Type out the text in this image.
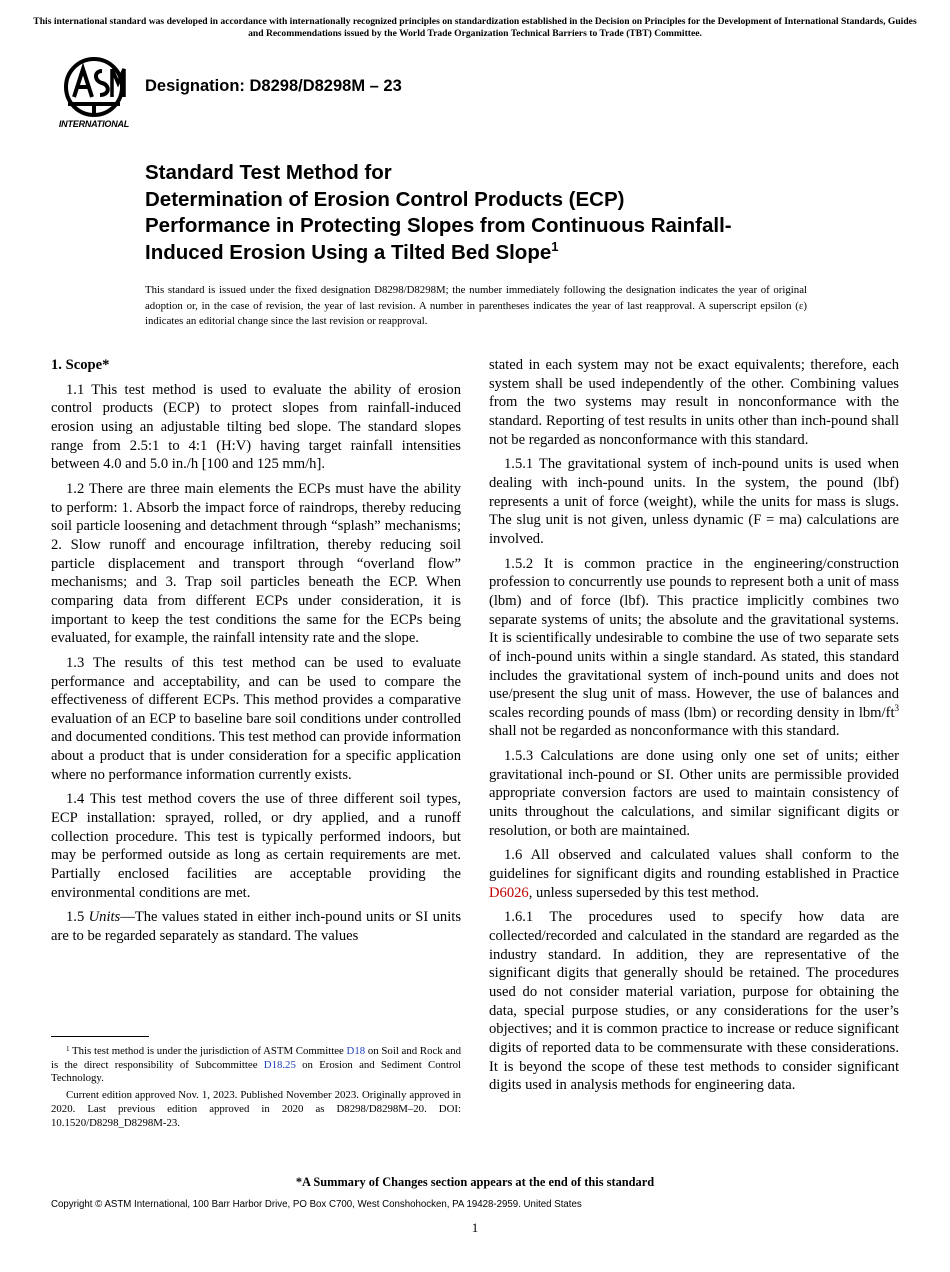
This international standard was developed in accordance with internationally recognized principles on standardization established in the Decision on Principles for the Development of International Standards, Guides and Recommendations issued by the World Trade Organization Technical Barriers to Trade (TBT) Committee.
INTERNATIONAL
Designation: D8298/D8298M – 23
Standard Test Method for
Determination of Erosion Control Products (ECP)
Performance in Protecting Slopes from Continuous Rainfall-
Induced Erosion Using a Tilted Bed Slope$^1$

This standard is issued under the fixed designation D8298/D8298M; the number immediately following the designation indicates the year of original adoption or, in the case of revision, the year of last revision. A number in parentheses indicates the year of last reapproval. A superscript epsilon (ε) indicates an editorial change since the last revision or reapproval.

1. Scope*

1.1 This test method is used to evaluate the ability of erosion control products (ECP) to protect slopes from rainfall-induced erosion using an adjustable tilting bed slope. The standard slopes range from 2.5:1 to 4:1 (H:V) having target rainfall intensities between 4.0 and 5.0 in./h [100 and 125 mm/h].

1.2 There are three main elements the ECPs must have the ability to perform: 1. Absorb the impact force of raindrops, thereby reducing soil particle loosening and detachment through “splash” mechanisms; 2. Slow runoff and encourage infiltration, thereby reducing soil particle displacement and transport through “overland flow” mechanisms; and 3. Trap soil particles beneath the ECP. When comparing data from different ECPs under consideration, it is important to keep the test conditions the same for the ECPs being evaluated, for example, the rainfall intensity rate and the slope.

1.3 The results of this test method can be used to evaluate performance and acceptability, and can be used to compare the effectiveness of different ECPs. This method provides a comparative evaluation of an ECP to baseline bare soil conditions under controlled and documented conditions. This test method can provide information about a product that is under consideration for a specific application where no performance information currently exists.

1.4 This test method covers the use of three different soil types, ECP installation: sprayed, rolled, or dry applied, and a runoff collection procedure. This test is typically performed indoors, but may be performed outside as long as certain requirements are met. Partially enclosed facilities are acceptable providing the environmental conditions are met.

1.5 Units—The values stated in either inch-pound units or SI units are to be regarded separately as standard. The values

$^1$ This test method is under the jurisdiction of ASTM Committee D18 on Soil and Rock and is the direct responsibility of Subcommittee D18.25 on Erosion and Sediment Control Technology.

Current edition approved Nov. 1, 2023. Published November 2023. Originally approved in 2020. Last previous edition approved in 2020 as D8298/D8298M–20. DOI: 10.1520/D8298_D8298M-23.

stated in each system may not be exact equivalents; therefore, each system shall be used independently of the other. Combining values from the two systems may result in nonconformance with the standard. Reporting of test results in units other than inch-pound shall not be regarded as nonconformance with this standard.

1.5.1 The gravitational system of inch-pound units is used when dealing with inch-pound units. In the system, the pound (lbf) represents a unit of force (weight), while the units for mass is slugs. The slug unit is not given, unless dynamic (F = ma) calculations are involved.

1.5.2 It is common practice in the engineering/construction profession to concurrently use pounds to represent both a unit of mass (lbm) and of force (lbf). This practice implicitly combines two separate systems of units; the absolute and the gravitational systems. It is scientifically undesirable to combine the use of two separate sets of inch-pound units within a single standard. As stated, this standard includes the gravitational system of inch-pound units and does not use/present the slug unit of mass. However, the use of balances and scales recording pounds of mass (lbm) or recording density in lbm/$ft^3$ shall not be regarded as nonconformance with this standard.

1.5.3 Calculations are done using only one set of units; either gravitational inch-pound or SI. Other units are permissible provided appropriate conversion factors are used to maintain consistency of units throughout the calculations, and similar significant digits or resolution, or both are maintained.

1.6 All observed and calculated values shall conform to the guidelines for significant digits and rounding established in Practice D6026, unless superseded by this test method.

1.6.1 The procedures used to specify how data are collected/recorded and calculated in the standard are regarded as the industry standard. In addition, they are representative of the significant digits that generally should be retained. The procedures used do not consider material variation, purpose for obtaining the data, special purpose studies, or any considerations for the user’s objectives; and it is common practice to increase or reduce significant digits of reported data to be commensurate with these considerations. It is beyond the scope of these test methods to consider significant digits used in analysis methods for engineering data.

*A Summary of Changes section appears at the end of this standard
Copyright © ASTM International, 100 Barr Harbor Drive, PO Box C700, West Conshohocken, PA 19428-2959. United States
1
